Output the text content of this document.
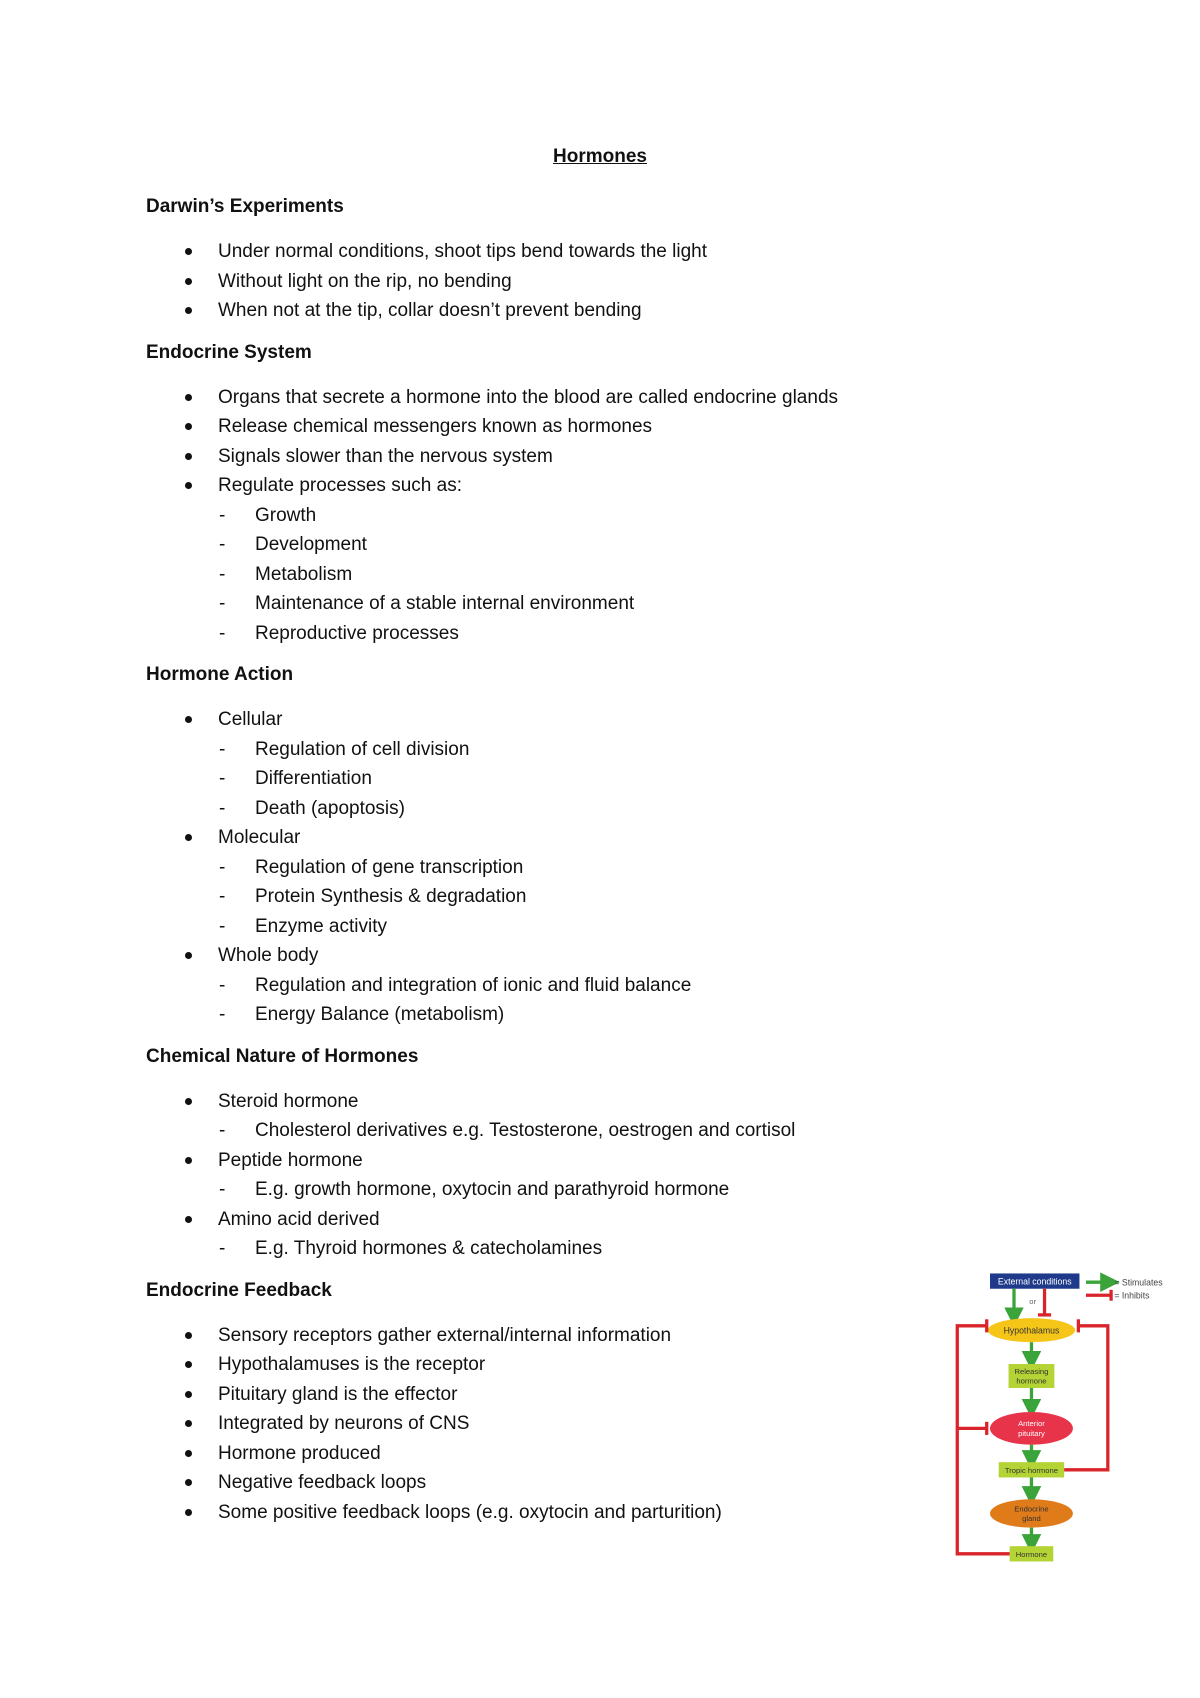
Hormones
Darwin’s Experiments
Under normal conditions, shoot tips bend towards the light
Without light on the rip, no bending
When not at the tip, collar doesn’t prevent bending
Endocrine System
Organs that secrete a hormone into the blood are called endocrine glands
Release chemical messengers known as hormones
Signals slower than the nervous system
Regulate processes such as:
- Growth
- Development
- Metabolism
- Maintenance of a stable internal environment
- Reproductive processes
Hormone Action
Cellular
- Regulation of cell division
- Differentiation
- Death (apoptosis)
Molecular
- Regulation of gene transcription
- Protein Synthesis & degradation
- Enzyme activity
Whole body
- Regulation and integration of ionic and fluid balance
- Energy Balance (metabolism)
Chemical Nature of Hormones
Steroid hormone
- Cholesterol derivatives e.g. Testosterone, oestrogen and cortisol
Peptide hormone
- E.g. growth hormone, oxytocin and parathyroid hormone
Amino acid derived
- E.g. Thyroid hormones & catecholamines
Endocrine Feedback
Sensory receptors gather external/internal information
Hypothalamuses is the receptor
Pituitary gland is the effector
Integrated by neurons of CNS
Hormone produced
Negative feedback loops
Some positive feedback loops (e.g. oxytocin and parturition)
= Stimulates
= Inhibits
External conditions
or
Hypothalamus
Releasing
hormone
Anterior
pituitary
Tropic hormone
Endocrine
gland
Hormone
